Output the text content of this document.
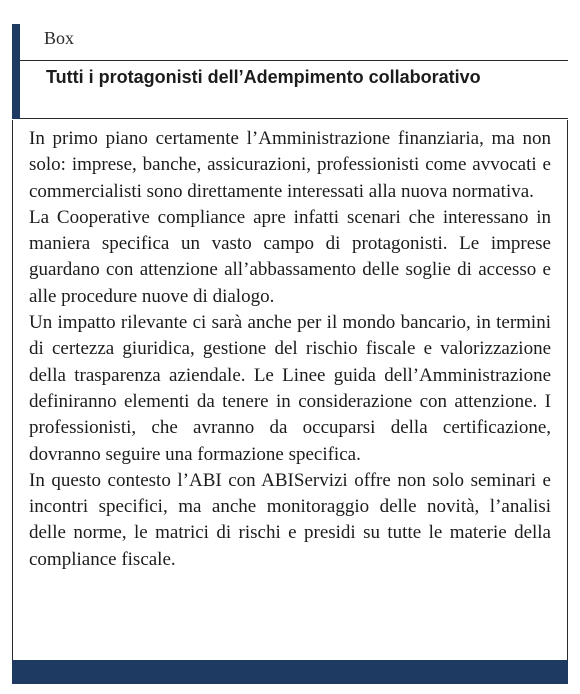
Box
Tutti i protagonisti dell’Adempimento collaborativo

In primo piano certamente l’Amministrazione finanziaria, ma non solo: imprese, banche, assicurazioni, professionisti come avvocati e commercialisti sono direttamente interessati alla nuova normativa.

La Cooperative compliance apre infatti scenari che interessano in maniera specifica un vasto campo di protagonisti. Le imprese guardano con attenzione all’abbassamento delle soglie di accesso e alle procedure nuove di dialogo.

Un impatto rilevante ci sarà anche per il mondo bancario, in termini di certezza giuridica, gestione del rischio fiscale e valorizzazione della trasparenza aziendale. Le Linee guida dell’Amministrazione definiranno elementi da tenere in considerazione con attenzione. I professionisti, che avranno da occuparsi della certificazione, dovranno seguire una formazione specifica.

In questo contesto l’ABI con ABIServizi offre non solo seminari e incontri specifici, ma anche monitoraggio delle novità, l’analisi delle norme, le matrici di rischi e presidi su tutte le materie della compliance fiscale.
